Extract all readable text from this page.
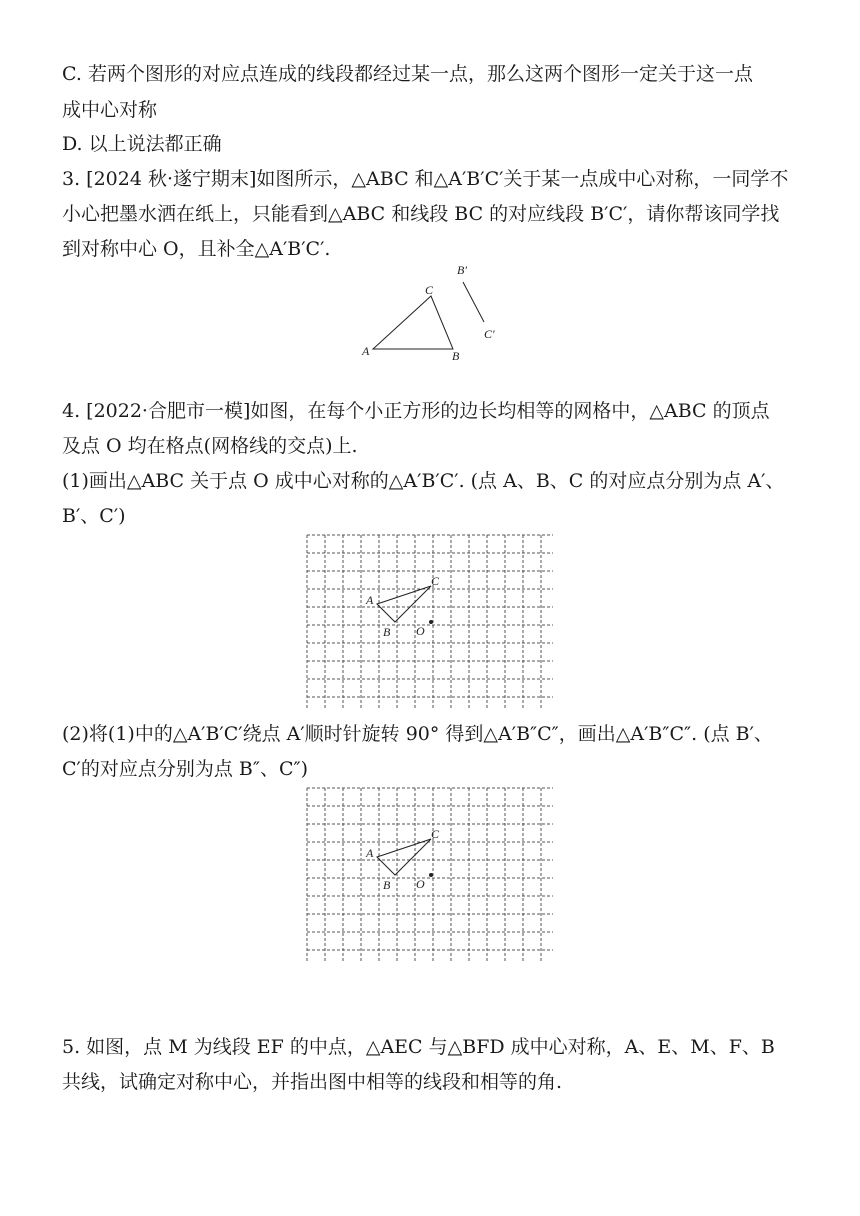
C. 若两个图形的对应点连成的线段都经过某一点，那么这两个图形一定关于这一点
成中心对称
D. 以上说法都正确
3. [2024 秋·遂宁期末]如图所示，△ABC 和△A′B′C′关于某一点成中心对称，一同学不
小心把墨水洒在纸上，只能看到△ABC 和线段 BC 的对应线段 B′C′，请你帮该同学找
到对称中心 O，且补全△A′B′C′.
A	B
C
B′
C′
4. [2022·合肥市一模]如图，在每个小正方形的边长均相等的网格中，△ABC 的顶点
及点 O 均在格点(网格线的交点)上.
(1)画出△ABC 关于点 O 成中心对称的△A′B′C′. (点 A、B、C 的对应点分别为点 A′、
B′、C′)
A
B
C
O
(2)将(1)中的△A′B′C′绕点 A′顺时针旋转 90° 得到△A′B″C″，画出△A′B″C″. (点 B′、
C′的对应点分别为点 B″、C″)
A
B
C
O
5. 如图，点 M 为线段 EF 的中点，△AEC 与△BFD 成中心对称，A、E、M、F、B
共线，试确定对称中心，并指出图中相等的线段和相等的角.
